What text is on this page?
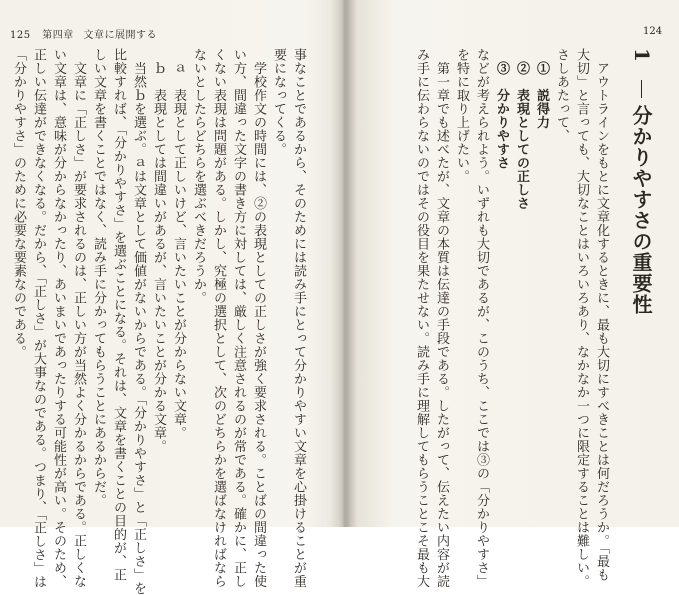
125 第四章 文章に展開する
事なことであるから、そのためには読み手にとって分かりやすい文章を心掛けることが重
要になってくる。
　学校作文の時間には、②の表現としての正しさが強く要求される。ことばの間違った使
い方、間違った文字の書き方に対しては、厳しく注意されるのが常である。確かに、正し
くない表現は問題がある。しかし、究極の選択として、次のどちらかを選ばなければなら
ないとしたらどちらを選ぶべきだろうか。
　ａ　表現として正しいけど、言いたいことが分からない文章。
　ｂ　表現としては間違いがあるが、言いたいことが分かる文章。
　当然ｂを選ぶ。ａは文章として価値がないからである。「分かりやすさ」と「正しさ」を
比較すれば、「分かりやすさ」を選ぶことになる。それは、文章を書くことの目的が、正
しい文章を書くことではなく、読み手に分かってもらうことにあるからだ。
　文章に「正しさ」が要求されるのは、正しい方が当然よく分かるからである。正しくな
い文章は、意味が分からなかったり、あいまいであったりする可能性が高い。そのため、
正しい伝達ができなくなる。だから、「正しさ」が大事なのである。つまり、「正しさ」は
「分かりやすさ」のために必要な要素なのである。
124
1
分かりやすさの重要性
　アウトラインをもとに文章化するときに、最も大切にすべきことは何だろうか。「最も
大切」と言っても、大切なことはいろいろあり、なかなか一つに限定することは難しい。
さしあたって、
　①　説得力
　②　表現としての正しさ
　③　分かりやすさ
などが考えられよう。いずれも大切であるが、このうち、ここでは③の「分かりやすさ」
を特に取り上げたい。
　第一章でも述べたが、文章の本質は伝達の手段である。したがって、伝えたい内容が読
み手に伝わらないのではその役目を果たせない。読み手に理解してもらうことこそ最も大
